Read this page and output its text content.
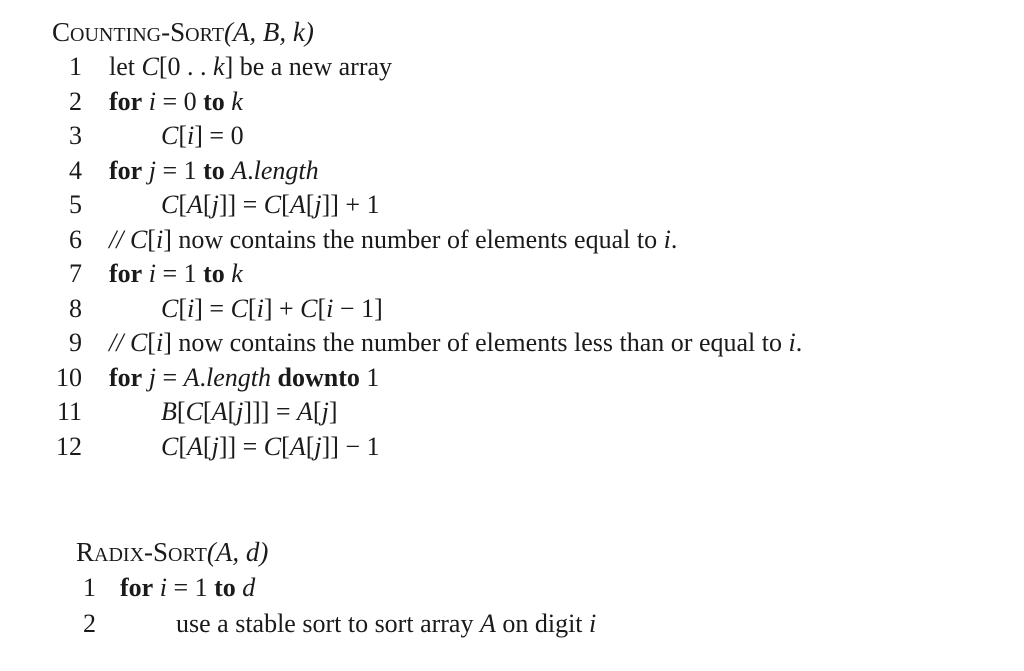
COUNTING-SORT(A, B, k)
1 let C[0 . . k] be a new array
2 for i = 0 to k
3	C[i] = 0
4 for j = 1 to A.length
5	C[A[j]] = C[A[j]] + 1
6 // C[i] now contains the number of elements equal to i.
7 for i = 1 to k
8	C[i] = C[i] + C[i − 1]
9 // C[i] now contains the number of elements less than or equal to i.
10 for j = A.length downto 1
11	B[C[A[j]]] = A[j]
12	C[A[j]] = C[A[j]] − 1
RADIX-SORT(A, d)
1 for i = 1 to d
2	use a stable sort to sort array A on digit i
